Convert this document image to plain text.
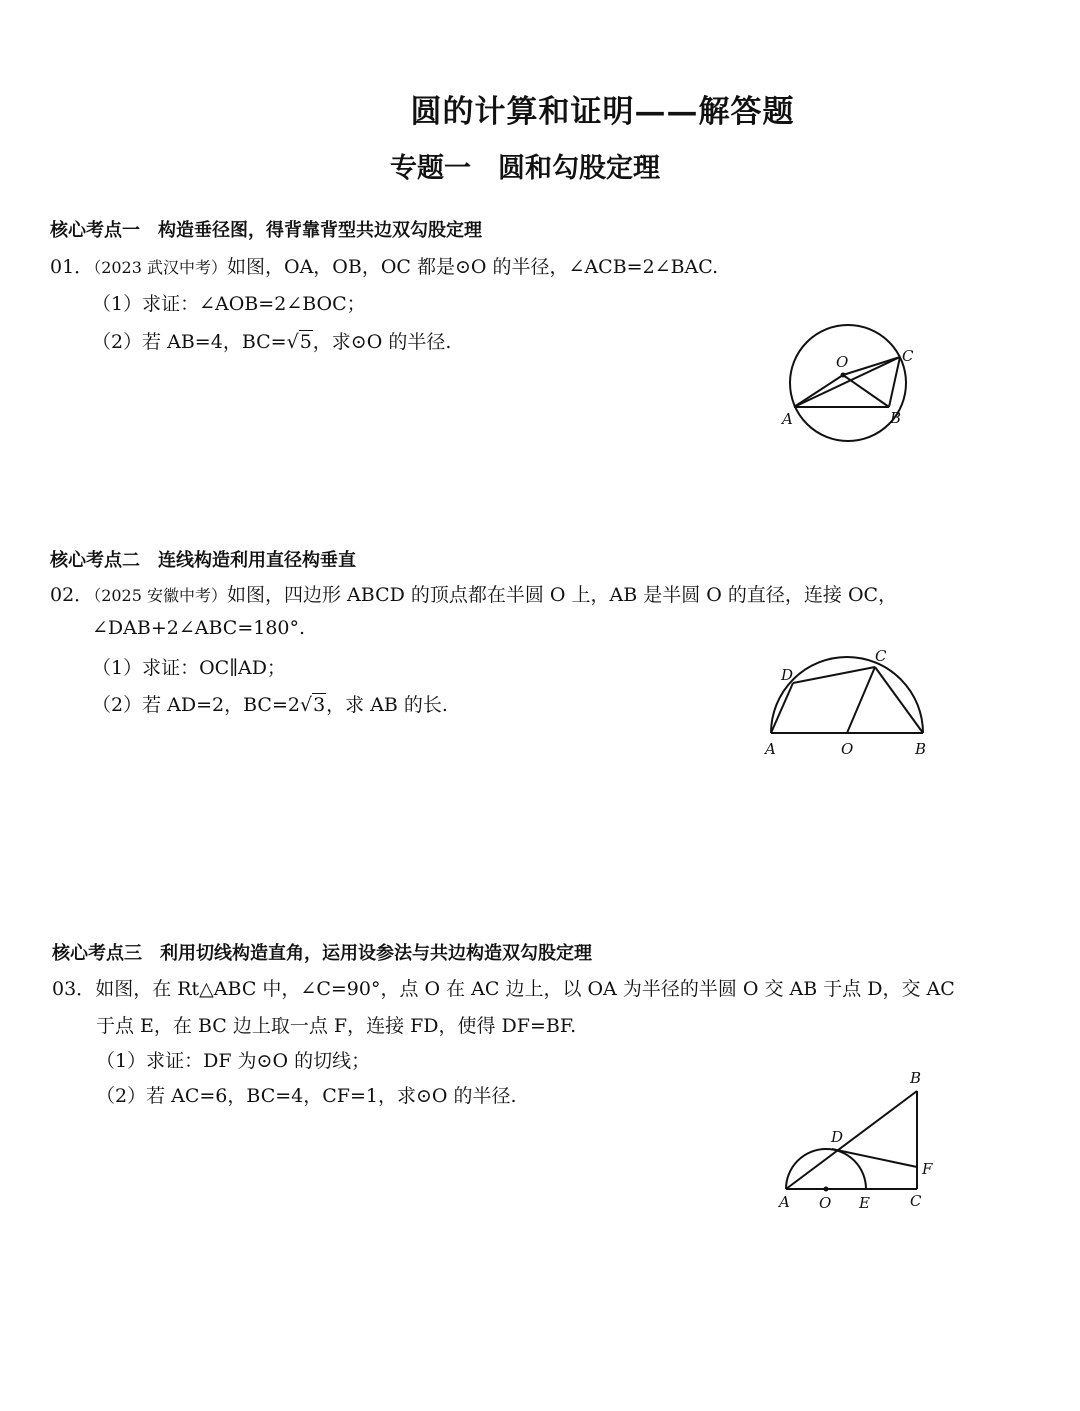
圆的计算和证明——解答题
专题一　圆和勾股定理
核心考点一　构造垂径图，得背靠背型共边双勾股定理
01．（2023 武汉中考）如图，OA，OB，OC 都是⊙O 的半径，∠ACB=2∠BAC.
（1）求证：∠AOB=2∠BOC；
（2）若 AB=4，BC=√5，求⊙O 的半径.
O	C
A	B
核心考点二　连线构造利用直径构垂直
02．（2025 安徽中考）如图，四边形 ABCD 的顶点都在半圆 O 上，AB 是半圆 O 的直径，连接 OC，
∠DAB+2∠ABC=180°.
（1）求证：OC∥AD；
（2）若 AD=2，BC=2√3，求 AB 的长.
D
C
A	O	B
核心考点三　利用切线构造直角，运用设参法与共边构造双勾股定理
03．如图，在 Rt△ABC 中，∠C=90°，点 O 在 AC 边上，以 OA 为半径的半圆 O 交 AB 于点 D，交 AC
于点 E，在 BC 边上取一点 F，连接 FD，使得 DF=BF.
（1）求证：DF 为⊙O 的切线；
（2）若 AC=6，BC=4，CF=1，求⊙O 的半径.
B
D
F
A O E	C
